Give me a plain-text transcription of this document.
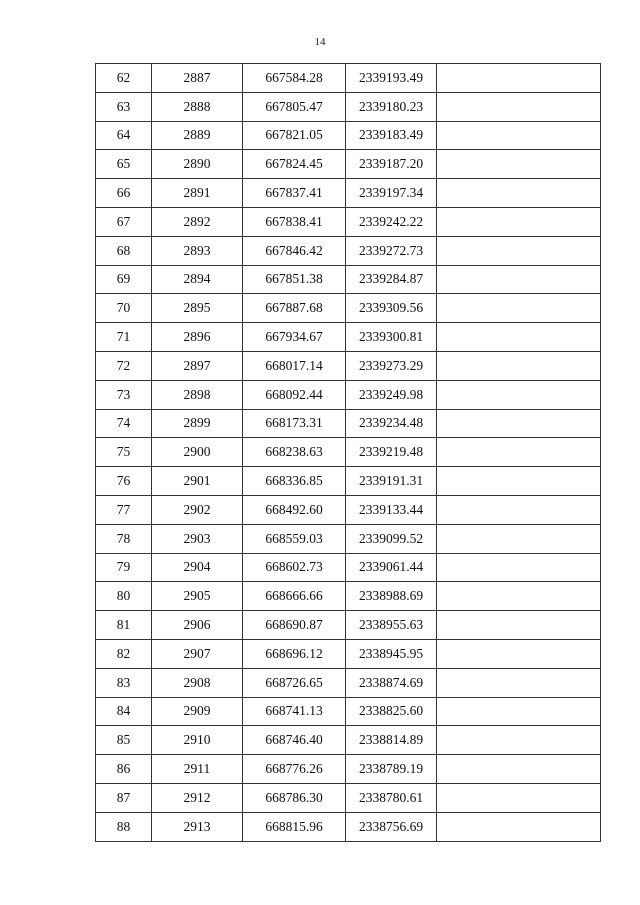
14
62	2887	667584.28	2339193.49	
63	2888	667805.47	2339180.23	
64	2889	667821.05	2339183.49	
65	2890	667824.45	2339187.20	
66	2891	667837.41	2339197.34	
67	2892	667838.41	2339242.22	
68	2893	667846.42	2339272.73	
69	2894	667851.38	2339284.87	
70	2895	667887.68	2339309.56	
71	2896	667934.67	2339300.81	
72	2897	668017.14	2339273.29	
73	2898	668092.44	2339249.98	
74	2899	668173.31	2339234.48	
75	2900	668238.63	2339219.48	
76	2901	668336.85	2339191.31	
77	2902	668492.60	2339133.44	
78	2903	668559.03	2339099.52	
79	2904	668602.73	2339061.44	
80	2905	668666.66	2338988.69	
81	2906	668690.87	2338955.63	
82	2907	668696.12	2338945.95	
83	2908	668726.65	2338874.69	
84	2909	668741.13	2338825.60	
85	2910	668746.40	2338814.89	
86	2911	668776.26	2338789.19	
87	2912	668786.30	2338780.61	
88	2913	668815.96	2338756.69	
